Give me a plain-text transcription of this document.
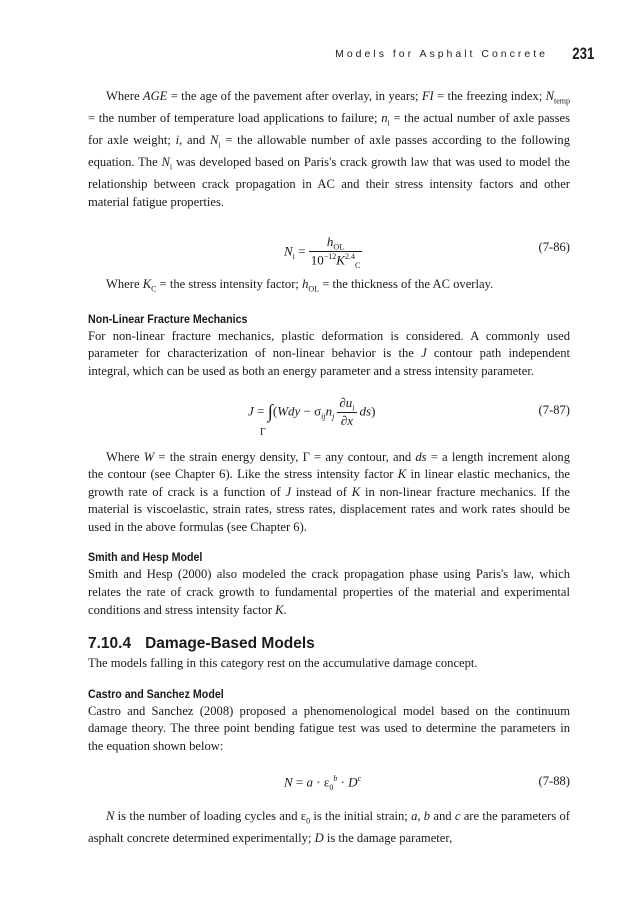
Models for Asphalt Concrete 231

Where AGE = the age of the pavement after overlay, in years; FI = the freezing index; $N_{temp}$ = the number of temperature load applications to failure; $n_i$ = the actual number of axle passes for axle weight; i, and $N_i$ = the allowable number of axle passes according to the following equation. The $N_i$ was developed based on Paris's crack growth law that was used to model the relationship between crack propagation in AC and their stress intensity factors and other material fatigue properties.

$N_i = \frac{h_{OL}}{10^{-12}K^{2.4}_C}$	(7-86)

Where $K_C$ = the stress intensity factor; $h_{OL}$ = the thickness of the AC overlay.

Non-Linear Fracture Mechanics

For non-linear fracture mechanics, plastic deformation is considered. A commonly used parameter for characterization of non-linear behavior is the J contour path independent integral, which can be used as both an energy parameter and a stress intensity parameter.

$J = \int(Wdy - \sigma_{ij}n_j \frac{\partial u_i}{\partial x} ds)$
Γ
(7-87)

Where W = the strain energy density, Γ = any contour, and ds = a length increment along the contour (see Chapter 6). Like the stress intensity factor K in linear elastic mechanics, the growth rate of crack is a function of J instead of K in non-linear fracture mechanics. If the material is viscoelastic, strain rates, stress rates, displacement rates and work rates should be used in the above formulas (see Chapter 6).

Smith and Hesp Model

Smith and Hesp (2000) also modeled the crack propagation phase using Paris's law, which relates the rate of crack growth to fundamental properties of the material and experimental conditions and stress intensity factor K.

7.10.4 Damage-Based Models

The models falling in this category rest on the accumulative damage concept.

Castro and Sanchez Model

Castro and Sanchez (2008) proposed a phenomenological model based on the continuum damage theory. The three point bending fatigue test was used to determine the parameters in the equation shown below:

$N = a \cdot \varepsilon_0^b \cdot D^c$	(7-88)

N is the number of loading cycles and $\varepsilon_0$ is the initial strain; a, b and c are the parameters of asphalt concrete determined experimentally; D is the damage parameter,
